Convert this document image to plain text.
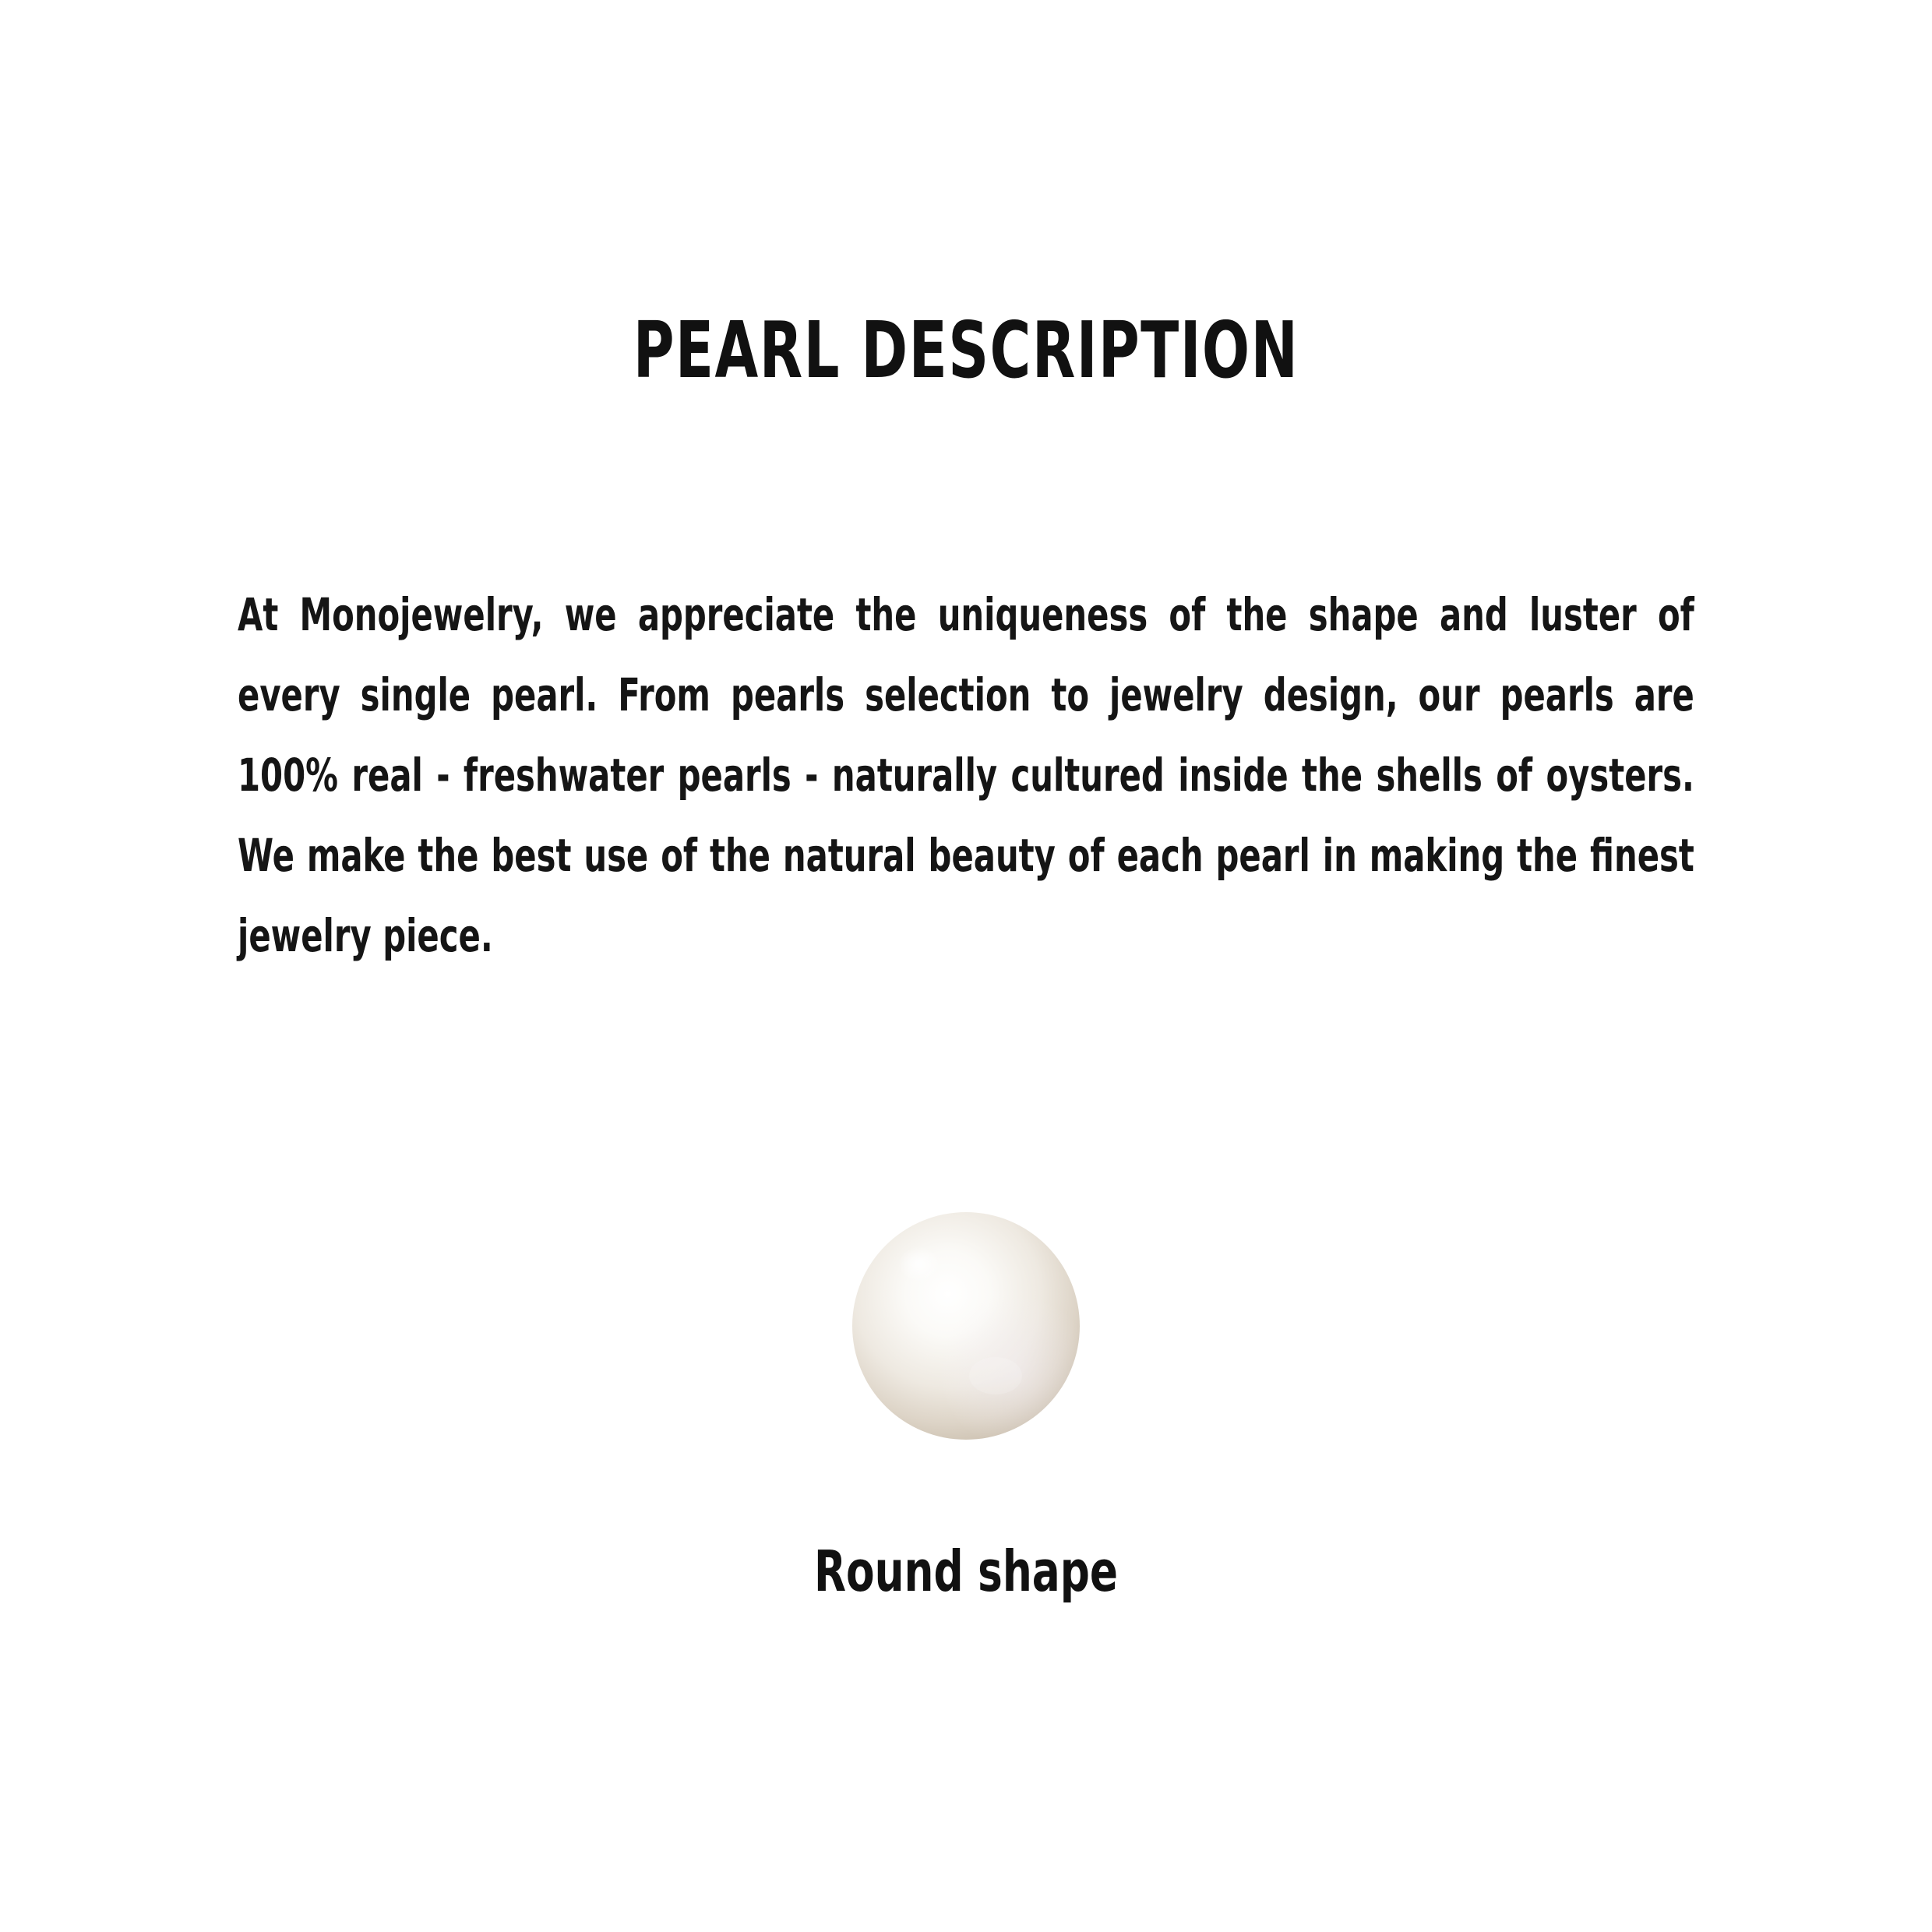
PEARL DESCRIPTION
At Monojewelry, we appreciate the uniqueness of the shape and luster of every single pearl. From pearls selection to jewelry design, our pearls are 100% real - freshwater pearls - naturally cultured inside the shells of oysters. We make the best use of the natural beauty of each pearl in making the finest jewelry piece.
Round shape
